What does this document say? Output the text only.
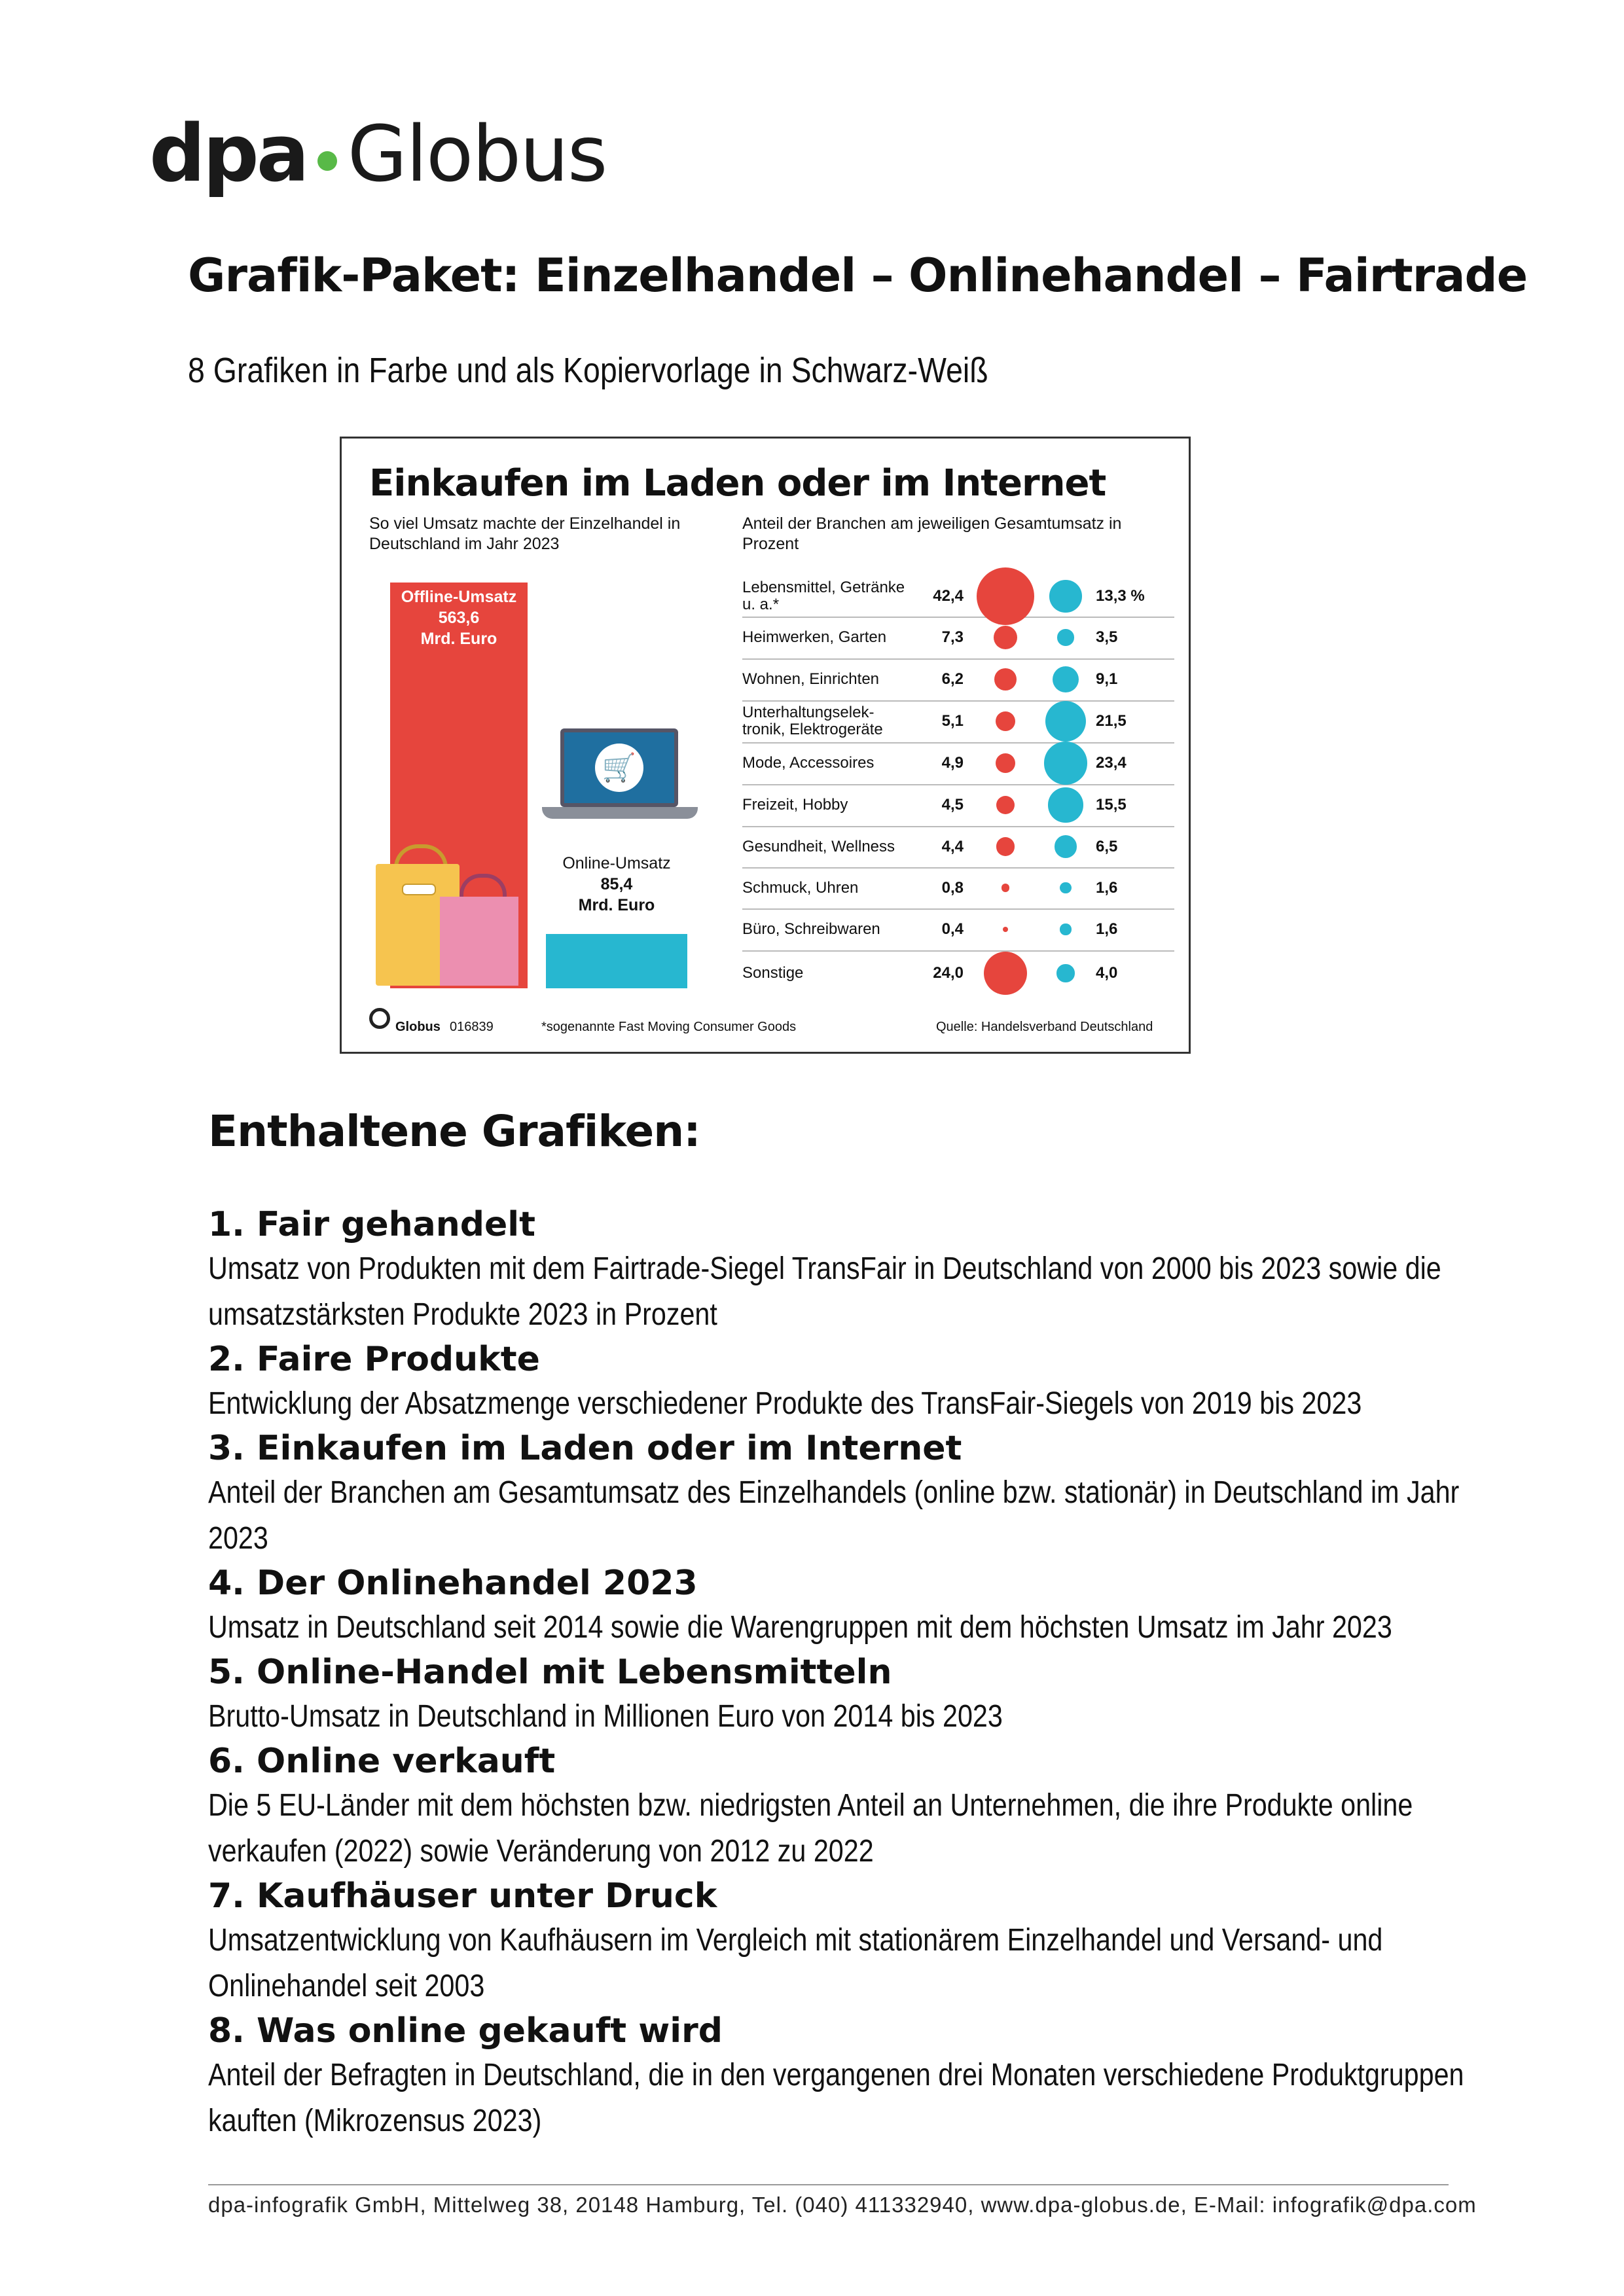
dpa Globus
Grafik-Paket: Einzelhandel – Onlinehandel – Fairtrade
8 Grafiken in Farbe und als Kopiervorlage in Schwarz-Weiß
Einkaufen im Laden oder im Internet
So viel Umsatz machte der Einzelhandel in Deutschland im Jahr 2023
Anteil der Branchen am jeweiligen Gesamtumsatz in Prozent
Offline-Umsatz
563,6
Mrd. Euro
🛒
Online-Umsatz
85,4
Mrd. Euro
Lebensmittel, Getränke u. a.*	42,4	13,3 %
Heimwerken, Garten	7,3	3,5
Wohnen, Einrichten	6,2	9,1
Unterhaltungselek-tronik, Elektrogeräte	5,1	21,5
Mode, Accessoires	4,9	23,4
Freizeit, Hobby	4,5	15,5
Gesundheit, Wellness	4,4	6,5
Schmuck, Uhren	0,8	1,6
Büro, Schreibwaren	0,4	1,6
Sonstige	24,0	4,0
Globus 016839	*sogenannte Fast Moving Consumer Goods	Quelle: Handelsverband Deutschland
Enthaltene Grafiken:
1. Fair gehandelt

Umsatz von Produkten mit dem Fairtrade-Siegel TransFair in Deutschland von 2000 bis 2023 sowie die umsatzstärksten Produkte 2023 in Prozent

2. Faire Produkte

Entwicklung der Absatzmenge verschiedener Produkte des TransFair-Siegels von 2019 bis 2023

3. Einkaufen im Laden oder im Internet

Anteil der Branchen am Gesamtumsatz des Einzelhandels (online bzw. stationär) in Deutschland im Jahr 2023

4. Der Onlinehandel 2023

Umsatz in Deutschland seit 2014 sowie die Warengruppen mit dem höchsten Umsatz im Jahr 2023

5. Online-Handel mit Lebensmitteln

Brutto-Umsatz in Deutschland in Millionen Euro von 2014 bis 2023

6. Online verkauft

Die 5 EU-Länder mit dem höchsten bzw. niedrigsten Anteil an Unternehmen, die ihre Produkte online verkaufen (2022) sowie Veränderung von 2012 zu 2022

7. Kaufhäuser unter Druck

Umsatzentwicklung von Kaufhäusern im Vergleich mit stationärem Einzelhandel und Versand- und Onlinehandel seit 2003

8. Was online gekauft wird

Anteil der Befragten in Deutschland, die in den vergangenen drei Monaten verschiedene Produktgruppen kauften (Mikrozensus 2023)

dpa-infografik GmbH, Mittelweg 38, 20148 Hamburg, Tel. (040) 411332940, www.dpa-globus.de, E-Mail: infografik@dpa.com
